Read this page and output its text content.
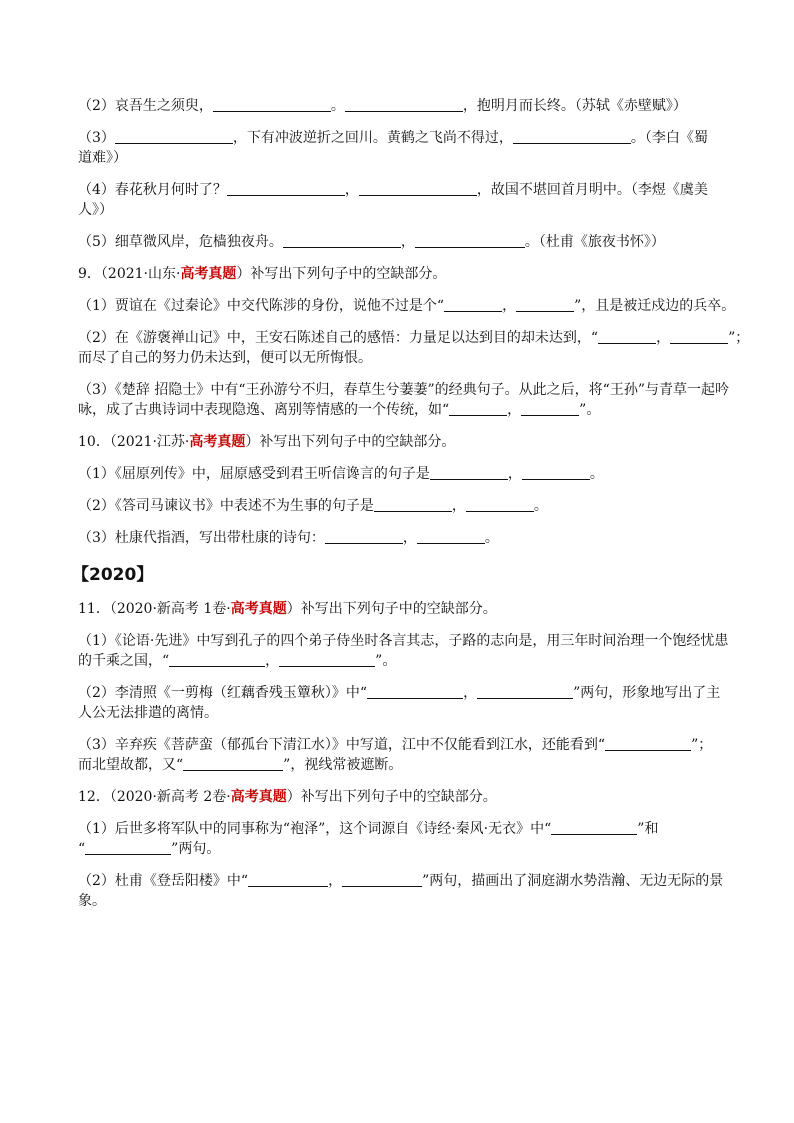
（2）哀吾生之须臾，	。	，抱明月而长终。（苏轼《赤壁赋》）
（3）	，下有冲波逆折之回川。黄鹤之飞尚不得过，	。（李白《蜀
道难》）
（4）春花秋月何时了？	，	，故国不堪回首月明中。（李煜《虞美
人》）
（5）细草微风岸，危樯独夜舟。	，	。（杜甫《旅夜书怀》）
9．（2021·山东·高考真题）补写出下列句子中的空缺部分。
（1）贾谊在《过秦论》中交代陈涉的身份，说他不过是个“	，	”，且是被迁戍边的兵卒。
（2）在《游褒禅山记》中，王安石陈述自己的感悟：力量足以达到目的却未达到，“	，	”；
而尽了自己的努力仍未达到，便可以无所悔恨。
（3）《楚辞 招隐士》中有“王孙游兮不归，春草生兮萋萋”的经典句子。从此之后，将“王孙”与青草一起吟
咏，成了古典诗词中表现隐逸、离别等情感的一个传统，如“	，	”。
10．（2021·江苏·高考真题）补写出下列句子中的空缺部分。
（1）《屈原列传》中，屈原感受到君王听信谗言的句子是	，	。
（2）《答司马谏议书》中表述不为生事的句子是	，	。
（3）杜康代指酒，写出带杜康的诗句：	，	。
【2020】
11．（2020·新高考 1卷·高考真题）补写出下列句子中的空缺部分。
（1）《论语·先进》中写到孔子的四个弟子侍坐时各言其志，子路的志向是，用三年时间治理一个饱经忧患
的千乘之国，“	，	”。
（2）李清照《一剪梅（红藕香残玉簟秋）》中“	，	”两句，形象地写出了主
人公无法排遣的离情。
（3）辛弃疾《菩萨蛮（郁孤台下清江水）》中写道，江中不仅能看到江水，还能看到“	”；
而北望故都，又“	”，视线常被遮断。
12．（2020·新高考 2卷·高考真题）补写出下列句子中的空缺部分。
（1）后世多将军队中的同事称为“袍泽”，这个词源自《诗经·秦风·无衣》中“	”和
“	”两句。
（2）杜甫《登岳阳楼》中“	，	”两句，描画出了洞庭湖水势浩瀚、无边无际的景
象。
